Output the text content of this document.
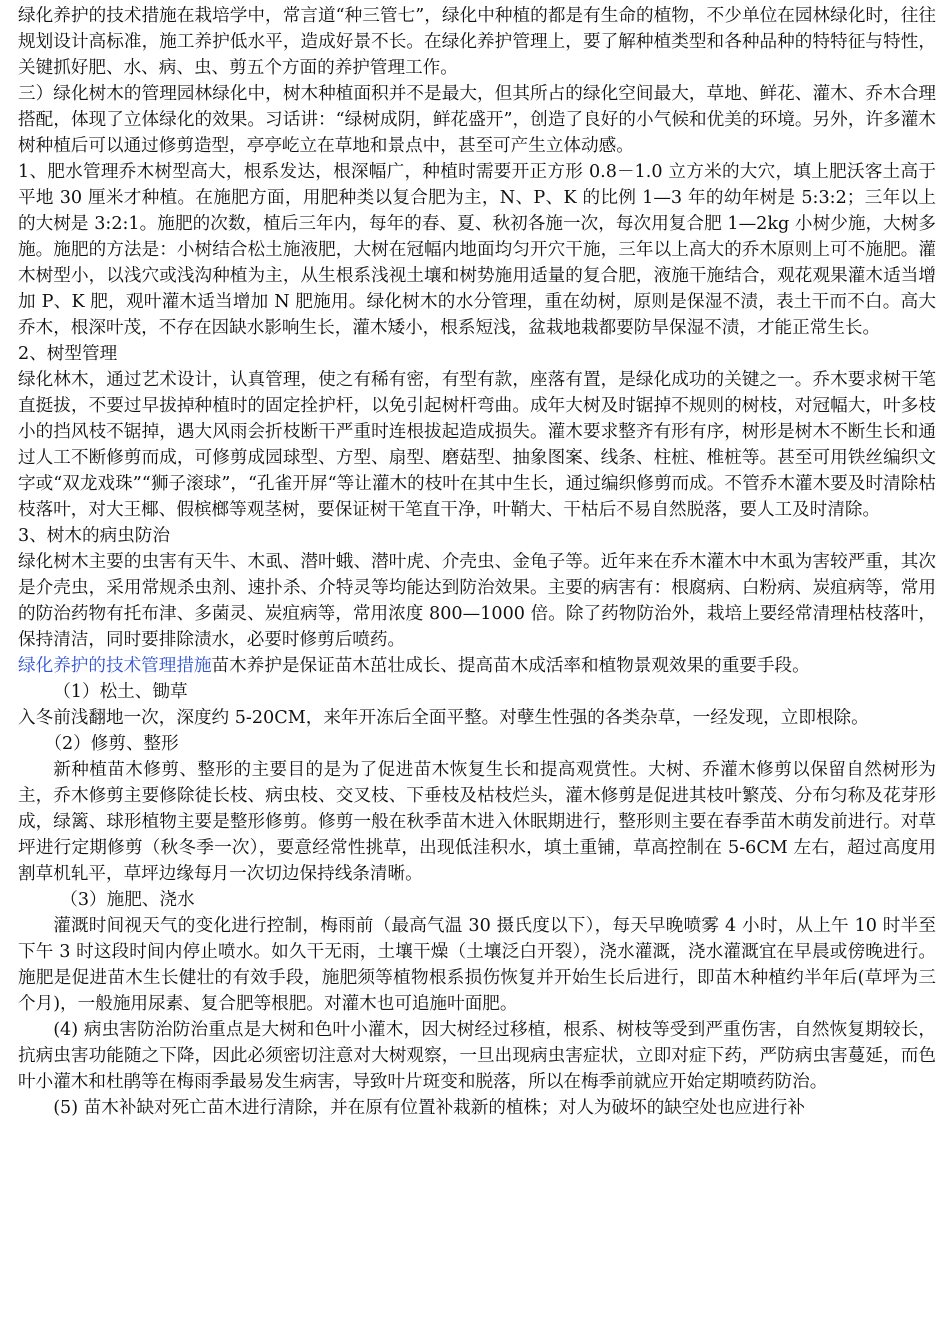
绿化养护的技术措施在栽培学中，常言道“种三管七”，绿化中种植的都是有生命的植物，不少单位在园林绿化时，往往规划设计高标准，施工养护低水平，造成好景不长。在绿化养护管理上，要了解种植类型和各种品种的特特征与特性，关键抓好肥、水、病、虫、剪五个方面的养护管理工作。

三）绿化树木的管理园林绿化中，树木种植面积并不是最大，但其所占的绿化空间最大，草地、鲜花、灌木、乔木合理搭配，体现了立体绿化的效果。习话讲：“绿树成阴，鲜花盛开”，创造了良好的小气候和优美的环境。另外，许多灌木树种植后可以通过修剪造型，亭亭屹立在草地和景点中，甚至可产生立体动感。

1、肥水管理乔木树型高大，根系发达，根深幅广，种植时需要开正方形 0.8－1.0 立方米的大穴，填上肥沃客土高于平地 30 厘米才种植。在施肥方面，用肥种类以复合肥为主，N、P、K 的比例 1—3 年的幼年树是 5:3:2；三年以上的大树是 3:2:1。施肥的次数，植后三年内，每年的春、夏、秋初各施一次，每次用复合肥 1—2kg 小树少施，大树多施。施肥的方法是：小树结合松土施液肥，大树在冠幅内地面均匀开穴干施，三年以上高大的乔木原则上可不施肥。灌木树型小，以浅穴或浅沟种植为主，从生根系浅视土壤和树势施用适量的复合肥，液施干施结合，观花观果灌木适当增加 P、K 肥，观叶灌木适当增加 N 肥施用。绿化树木的水分管理，重在幼树，原则是保湿不渍，表土干而不白。高大乔木，根深叶茂，不存在因缺水影响生长，灌木矮小，根系短浅，盆栽地栽都要防旱保湿不渍，才能正常生长。

2、树型管理

绿化林木，通过艺术设计，认真管理，使之有稀有密，有型有款，座落有置，是绿化成功的关键之一。乔木要求树干笔直挺拔，不要过早拔掉种植时的固定拴护杆，以免引起树杆弯曲。成年大树及时锯掉不规则的树枝，对冠幅大，叶多枝小的挡风枝不锯掉，遇大风雨会折枝断干严重时连根拔起造成损失。灌木要求整齐有形有序，树形是树木不断生长和通过人工不断修剪而成，可修剪成园球型、方型、扇型、磨菇型、抽象图案、线条、柱桩、椎桩等。甚至可用铁丝编织文字或“双龙戏珠”“狮子滚球”，“孔雀开屏“等让灌木的枝叶在其中生长，通过编织修剪而成。不管乔木灌木要及时清除枯枝落叶，对大王椰、假槟榔等观茎树，要保证树干笔直干净，叶鞘大、干枯后不易自然脱落，要人工及时清除。

3、树木的病虫防治

绿化树木主要的虫害有天牛、木虱、潜叶蛾、潜叶虎、介壳虫、金龟子等。近年来在乔木灌木中木虱为害较严重，其次是介壳虫，采用常规杀虫剂、速扑杀、介特灵等均能达到防治效果。主要的病害有：根腐病、白粉病、炭疽病等，常用的防治药物有托布津、多菌灵、炭疽病等，常用浓度 800—1000 倍。除了药物防治外，栽培上要经常清理枯枝落叶，保持清洁，同时要排除渍水，必要时修剪后喷药。

绿化养护的技术管理措施苗木养护是保证苗木茁壮成长、提高苗木成活率和植物景观效果的重要手段。

（1）松土、锄草

入冬前浅翻地一次，深度约 5-20CM，来年开冻后全面平整。对孽生性强的各类杂草，一经发现，立即根除。

（2）修剪、整形

新种植苗木修剪、整形的主要目的是为了促进苗木恢复生长和提高观赏性。大树、乔灌木修剪以保留自然树形为主，乔木修剪主要修除徒长枝、病虫枝、交叉枝、下垂枝及枯枝烂头，灌木修剪是促进其枝叶繁茂、分布匀称及花芽形成，绿篱、球形植物主要是整形修剪。修剪一般在秋季苗木进入休眠期进行，整形则主要在春季苗木萌发前进行。对草坪进行定期修剪（秋冬季一次），要意经常性挑草，出现低洼积水，填土重铺，草高控制在 5-6CM 左右，超过高度用割草机轧平，草坪边缘每月一次切边保持线条清晰。

（3）施肥、浇水

灌溉时间视天气的变化进行控制，梅雨前（最高气温 30 摄氏度以下），每天早晚喷雾 4 小时，从上午 10 时半至下午 3 时这段时间内停止喷水。如久干无雨，土壤干燥（土壤泛白开裂），浇水灌溉，浇水灌溉宜在早晨或傍晚进行。施肥是促进苗木生长健壮的有效手段，施肥须等植物根系损伤恢复并开始生长后进行，即苗木种植约半年后(草坪为三个月)，一般施用尿素、复合肥等根肥。对灌木也可追施叶面肥。

(4) 病虫害防治防治重点是大树和色叶小灌木，因大树经过移植，根系、树枝等受到严重伤害，自然恢复期较长，抗病虫害功能随之下降，因此必须密切注意对大树观察，一旦出现病虫害症状，立即对症下药，严防病虫害蔓延，而色叶小灌木和杜鹃等在梅雨季最易发生病害，导致叶片斑变和脱落，所以在梅季前就应开始定期喷药防治。

(5) 苗木补缺对死亡苗木进行清除，并在原有位置补栽新的植株；对人为破坏的缺空处也应进行补
